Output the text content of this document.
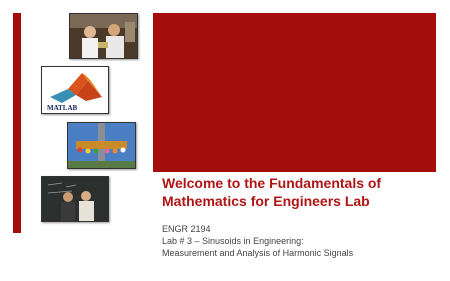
MATLAB
Welcome to the Fundamentals of
Mathematics for Engineers Lab
ENGR 2194
Lab # 3 – Sinusoids in Engineering:
Measurement and Analysis of Harmonic Signals
